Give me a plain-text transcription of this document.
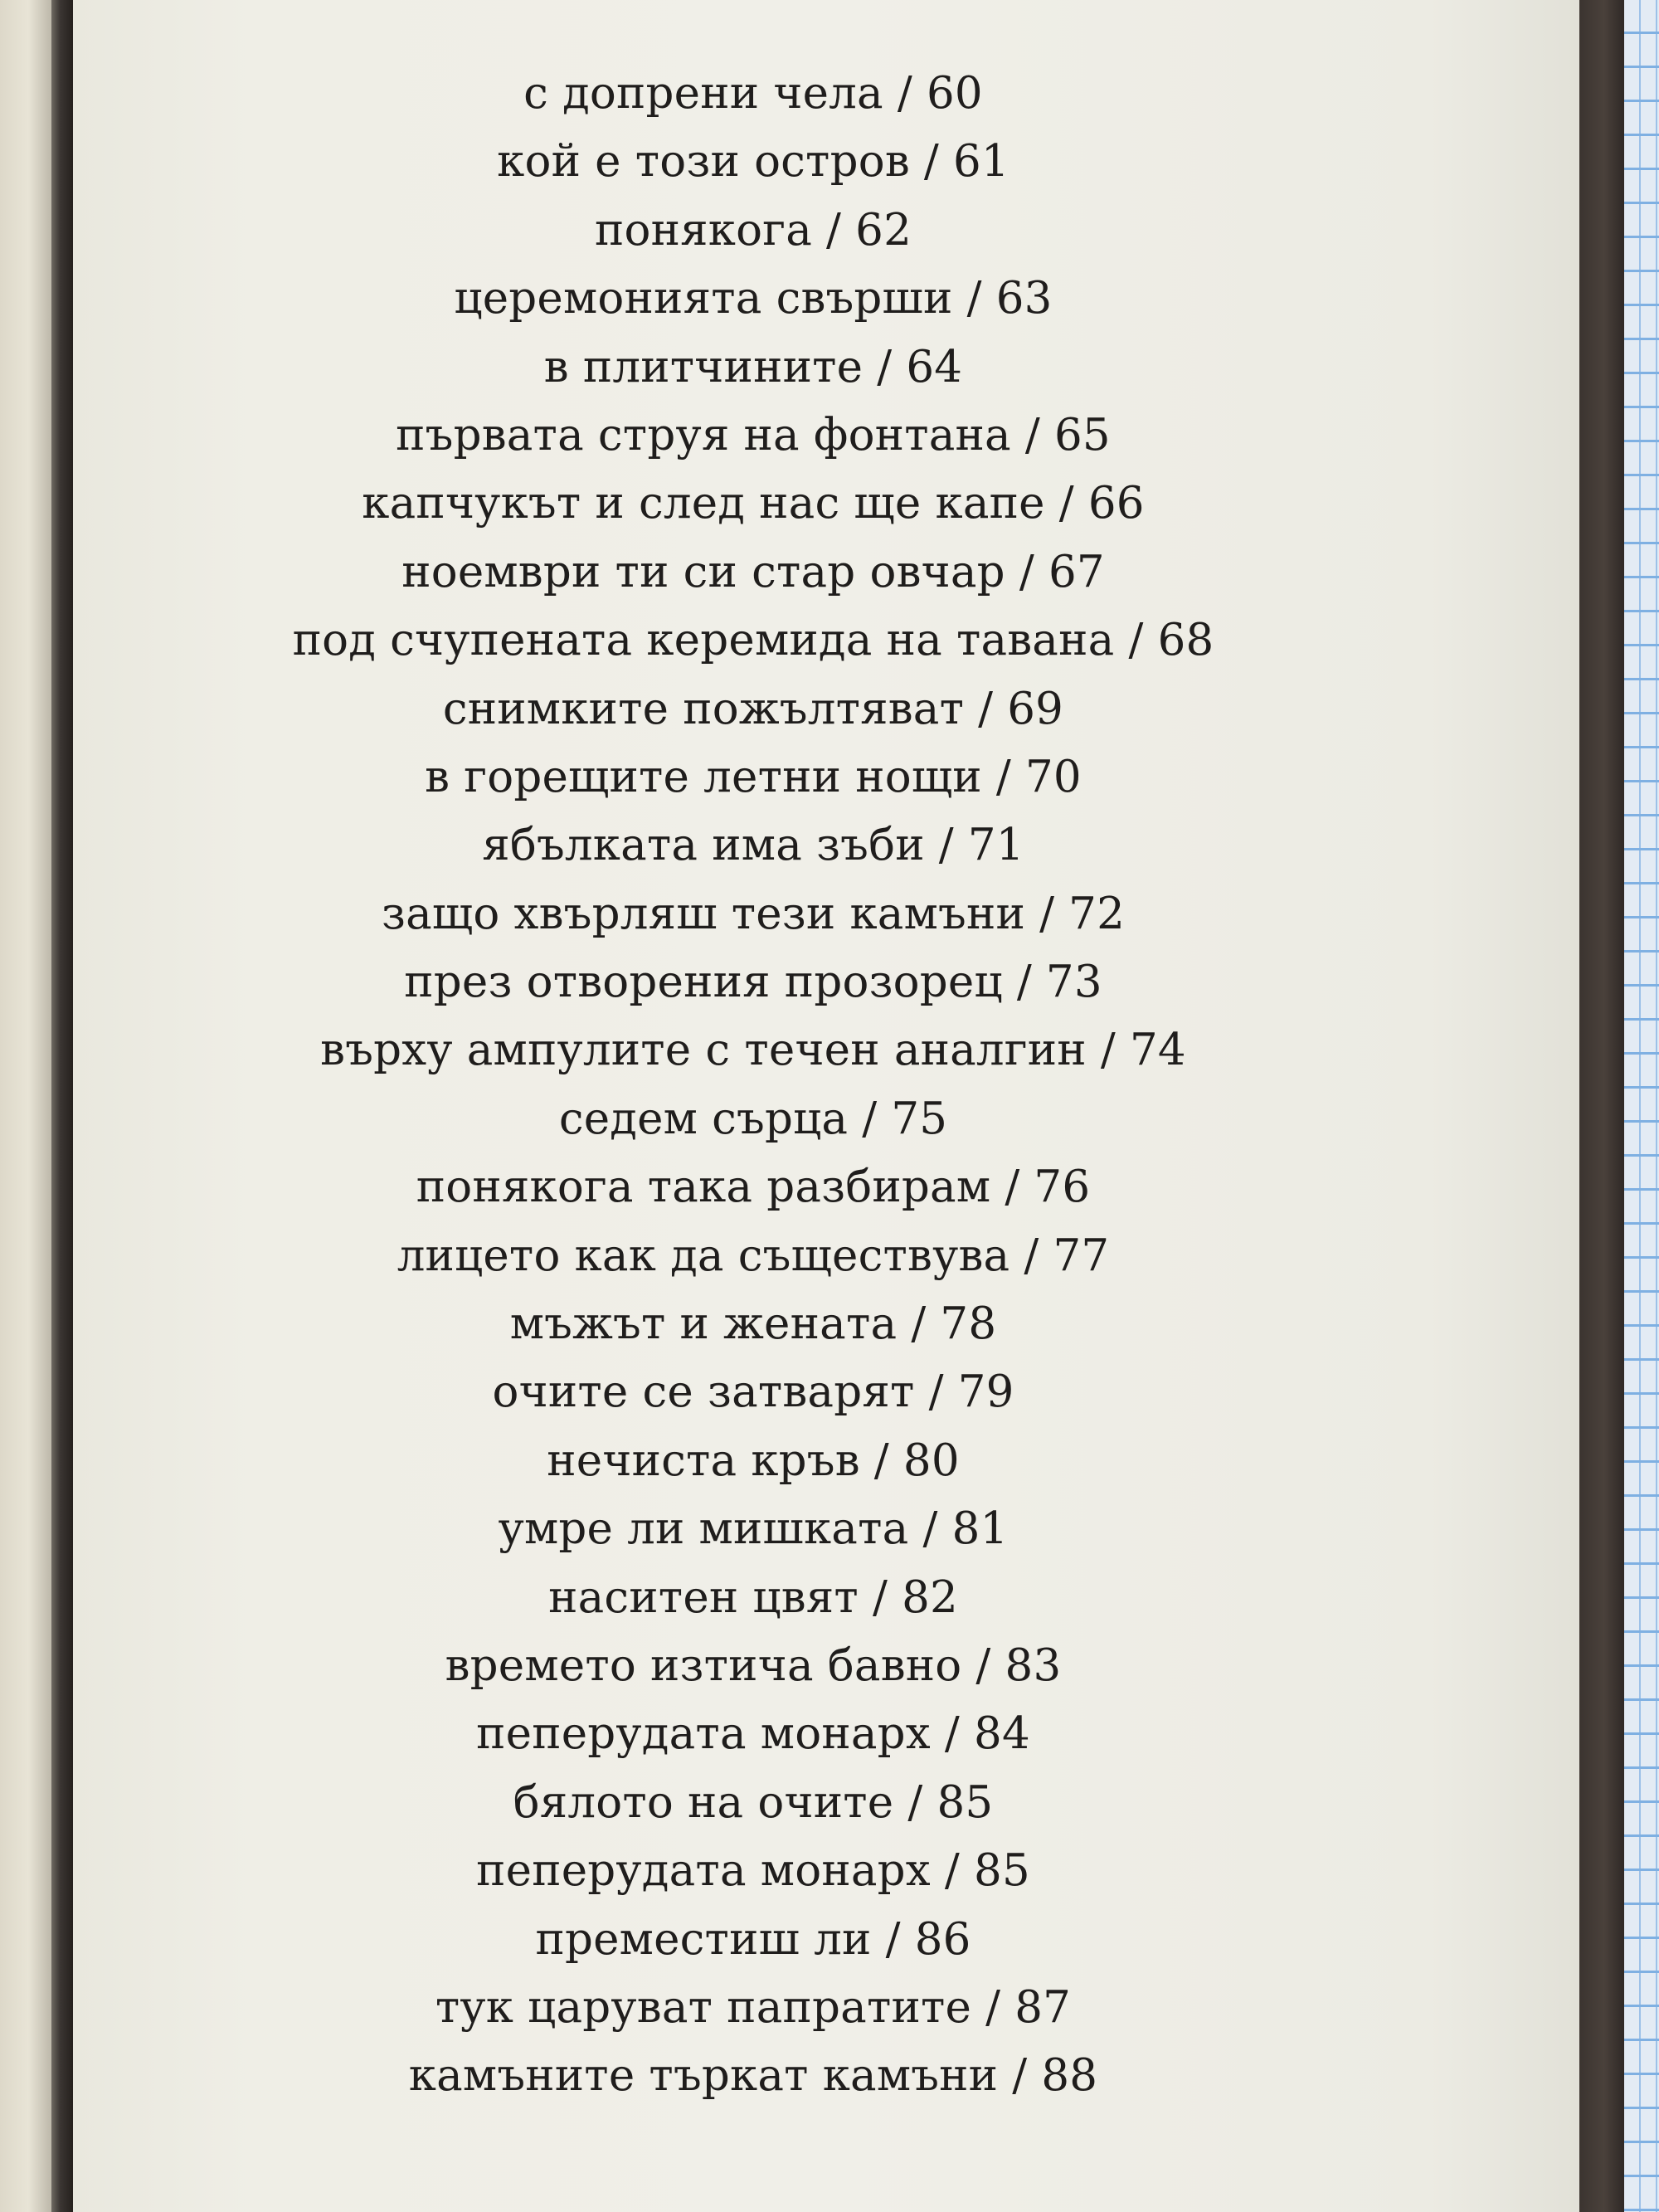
с допрени чела / 60
кой е този остров / 61
понякога / 62
церемонията свърши / 63
в плитчините / 64
първата струя на фонтана / 65
капчукът и след нас ще капе / 66
ноември ти си стар овчар / 67
под счупената керемида на тавана / 68
снимките пожълтяват / 69
в горещите летни нощи / 70
ябълката има зъби / 71
защо хвърляш тези камъни / 72
през отворения прозорец / 73
върху ампулите с течен аналгин / 74
седем сърца / 75
понякога така разбирам / 76
лицето как да съществува / 77
мъжът и жената / 78
очите се затварят / 79
нечиста кръв / 80
умре ли мишката / 81
наситен цвят / 82
времето изтича бавно / 83
пеперудата монарх / 84
бялото на очите / 85
пеперудата монарх / 85
преместиш ли / 86
тук царуват папратите / 87
камъните търкат камъни / 88
